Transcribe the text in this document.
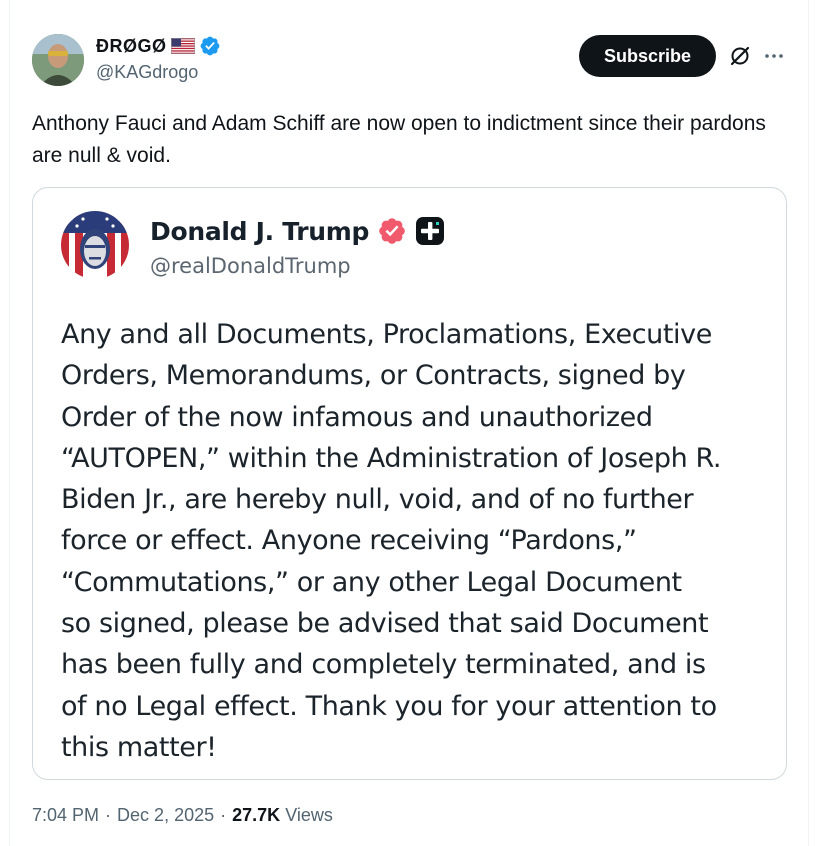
ÐRØGØ
@KAGdrogo
Subscribe
Anthony Fauci and Adam Schiff are now open to indictment since their pardons are null & void.
Donald J. Trump
@realDonaldTrump
Any and all Documents, Proclamations, Executive
Orders, Memorandums, or Contracts, signed by
Order of the now infamous and unauthorized
“AUTOPEN,” within the Administration of Joseph R.
Biden Jr., are hereby null, void, and of no further
force or effect. Anyone receiving “Pardons,”
“Commutations,” or any other Legal Document
so signed, please be advised that said Document
has been fully and completely terminated, and is
of no Legal effect. Thank you for your attention to
this matter!
7:04 PM · Dec 2, 2025 · 27.7K Views
